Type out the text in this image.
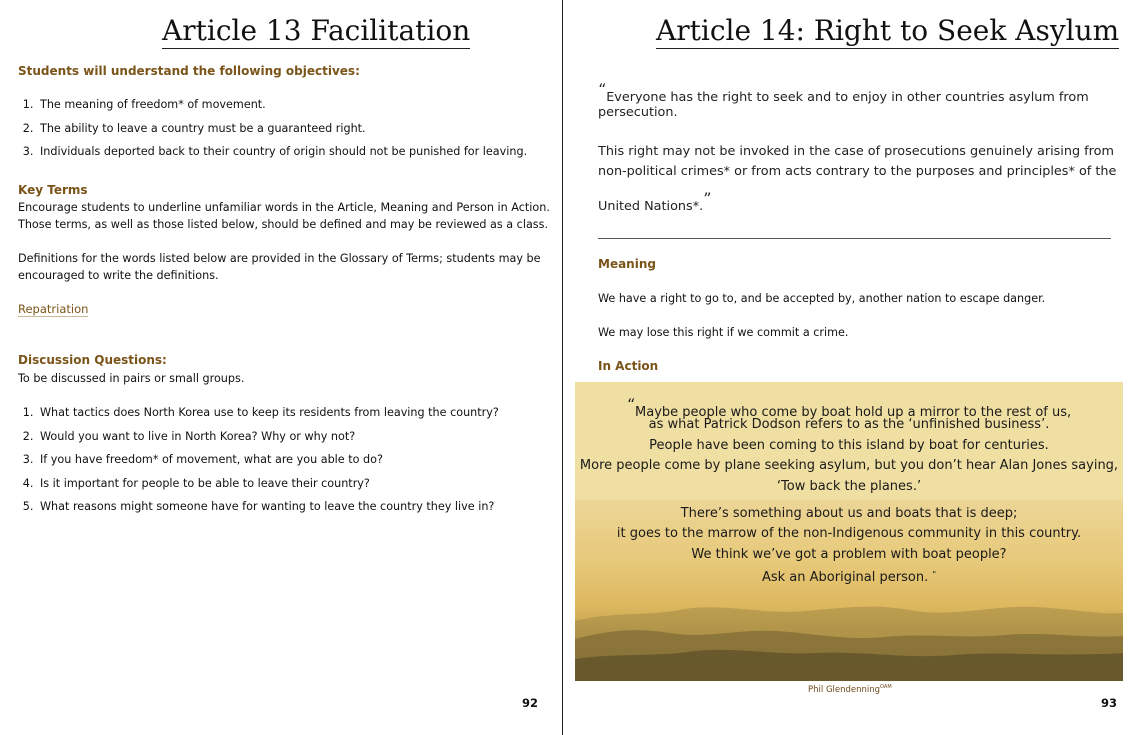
Article 13 Facilitation
Students will understand the following objectives:
1. The meaning of freedom* of movement.
2. The ability to leave a country must be a guaranteed right.
3. Individuals deported back to their country of origin should not be punished for leaving.
Key Terms
Encourage students to underline unfamiliar words in the Article, Meaning and Person in Action.
Those terms, as well as those listed below, should be defined and may be reviewed as a class.
Definitions for the words listed below are provided in the Glossary of Terms; students may be
encouraged to write the definitions.
Repatriation
Discussion Questions:
To be discussed in pairs or small groups.
1. What tactics does North Korea use to keep its residents from leaving the country?
2. Would you want to live in North Korea? Why or why not?
3. If you have freedom* of movement, what are you able to do?
4. Is it important for people to be able to leave their country?
5. What reasons might someone have for wanting to leave the country they live in?
92
Article 14: Right to Seek Asylum
“Everyone has the right to seek and to enjoy in other countries asylum from
persecution.
This right may not be invoked in the case of prosecutions genuinely arising from
non-political crimes* or from acts contrary to the purposes and principles* of the
United Nations*.”
Meaning
We have a right to go to, and be accepted by, another nation to escape danger.
We may lose this right if we commit a crime.
In Action
“Maybe people who come by boat hold up a mirror to the rest of us,
as what Patrick Dodson refers to as the ‘unfinished business’.
People have been coming to this island by boat for centuries.
More people come by plane seeking asylum, but you don’t hear Alan Jones saying,
‘Tow back the planes.’
There’s something about us and boats that is deep;
it goes to the marrow of the non-Indigenous community in this country.
We think we’ve got a problem with boat people?
Ask an Aboriginal person. "
Phil Glendenning$^{OAM}$
93
